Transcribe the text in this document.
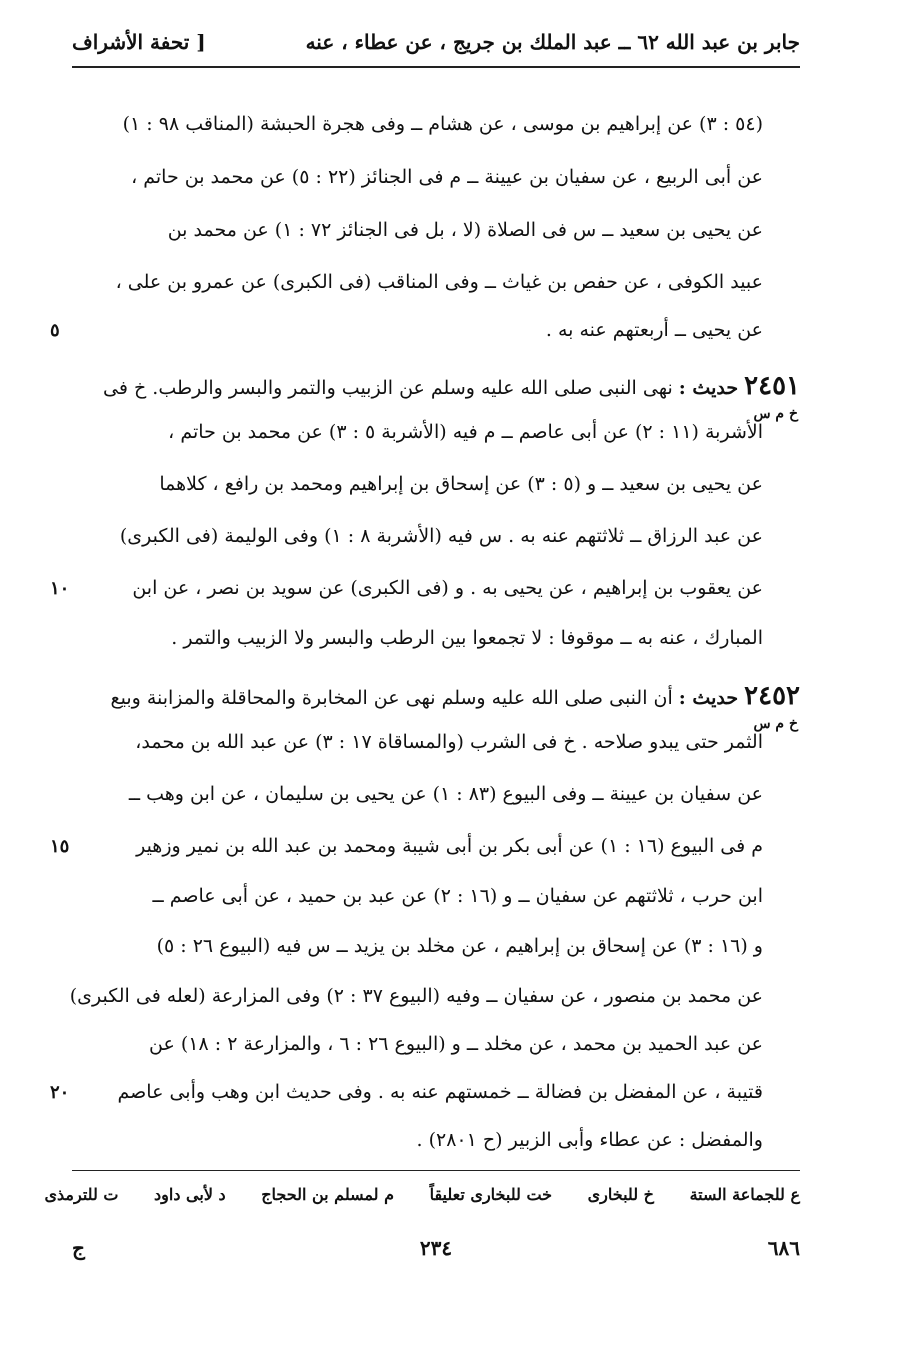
جابر بن عبد الله ٦٢ ــ عبد الملك بن جريج ، عن عطاء ، عنه
[ تحفة الأشراف
(٥٤ : ٣) عن إبراهيم بن موسى ، عن هشام ــ وفى هجرة الحبشة (المناقب ٩٨ : ١)
عن أبى الربيع ، عن سفيان بن عيينة ــ م فى الجنائز (٢٢ : ٥) عن محمد بن حاتم ،
عن يحيى بن سعيد ــ س فى الصلاة (لا ، بل فى الجنائز ٧٢ : ١) عن محمد بن
عبيد الكوفى ، عن حفص بن غياث ــ وفى المناقب (فى الكبرى) عن عمرو بن على ،
عن يحيى ــ أربعتهم عنه به .
٥
٢٤٥١ حديث : نهى النبى صلى الله عليه وسلم عن الزبيب والتمر والبسر والرطب. خ فى
خ م س
الأشربة (١١ : ٢) عن أبى عاصم ــ م فيه (الأشربة ٥ : ٣) عن محمد بن حاتم ،
عن يحيى بن سعيد ــ و (٥ : ٣) عن إسحاق بن إبراهيم ومحمد بن رافع ، كلاهما
عن عبد الرزاق ــ ثلاثتهم عنه به . س فيه (الأشربة ٨ : ١) وفى الوليمة (فى الكبرى)
عن يعقوب بن إبراهيم ، عن يحيى به . و (فى الكبرى) عن سويد بن نصر ، عن ابن
١٠
المبارك ، عنه به ــ موقوفا : لا تجمعوا بين الرطب والبسر ولا الزبيب والتمر .
٢٤٥٢ حديث : أن النبى صلى الله عليه وسلم نهى عن المخابرة والمحاقلة والمزابنة وبيع
خ م س
الثمر حتى يبدو صلاحه . خ فى الشرب (والمساقاة ١٧ : ٣) عن عبد الله بن محمد،
عن سفيان بن عيينة ــ وفى البيوع (٨٣ : ١) عن يحيى بن سليمان ، عن ابن وهب ــ
م فى البيوع (١٦ : ١) عن أبى بكر بن أبى شيبة ومحمد بن عبد الله بن نمير وزهير
١٥
ابن حرب ، ثلاثتهم عن سفيان ــ و (١٦ : ٢) عن عبد بن حميد ، عن أبى عاصم ــ
و (١٦ : ٣) عن إسحاق بن إبراهيم ، عن مخلد بن يزيد ــ س فيه (البيوع ٢٦ : ٥)
عن محمد بن منصور ، عن سفيان ــ وفيه (البيوع ٣٧ : ٢) وفى المزارعة (لعله فى الكبرى)
عن عبد الحميد بن محمد ، عن مخلد ــ و (البيوع ٢٦ : ٦ ، والمزارعة ٢ : ١٨) عن
قتيبة ، عن المفضل بن فضالة ــ خمستهم عنه به . وفى حديث ابن وهب وأبى عاصم
٢٠
والمفضل : عن عطاء وأبى الزبير (ح ٢٨٠١) .
ع للجماعة الستة خ للبخارى خت للبخارى تعليقاً م لمسلم بن الحجاج د لأبى داود ت للترمذى
٦٨٦
٢٣٤
ج
